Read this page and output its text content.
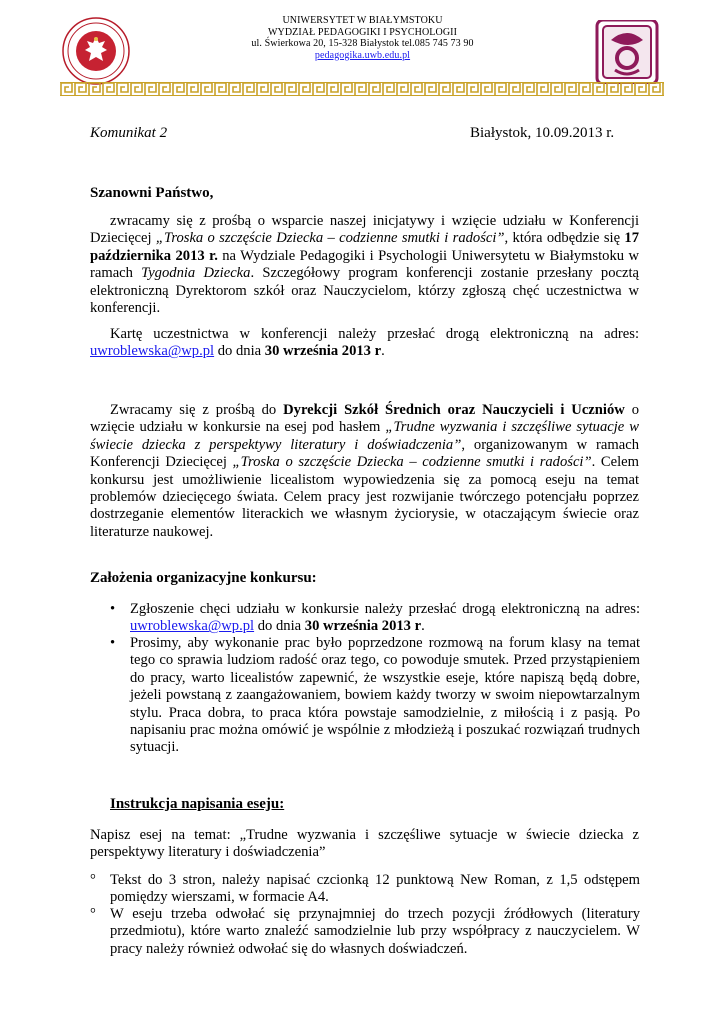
UNIWERSYTET W BIAŁYMSTOKU
WYDZIAŁ PEDAGOGIKI I PSYCHOLOGII
ul. Świerkowa 20, 15-328 Białystok tel.085 745 73 90
pedagogika.uwb.edu.pl
Komunikat 2	Białystok, 10.09.2013 r.
Szanowni Państwo,
zwracamy się z prośbą o wsparcie naszej inicjatywy i wzięcie udziału w Konferencji Dziecięcej „Troska o szczęście Dziecka – codzienne smutki i radości”, która odbędzie się 17 października 2013 r. na Wydziale Pedagogiki i Psychologii Uniwersytetu w Białymstoku w ramach Tygodnia Dziecka. Szczegółowy program konferencji zostanie przesłany pocztą elektroniczną Dyrektorom szkół oraz Nauczycielom, którzy zgłoszą chęć uczestnictwa w konferencji.
Kartę uczestnictwa w konferencji należy przesłać drogą elektroniczną na adres: uwroblewska@wp.pl do dnia 30 września 2013 r.
Zwracamy się z prośbą do Dyrekcji Szkół Średnich oraz Nauczycieli i Uczniów o wzięcie udziału w konkursie na esej pod hasłem „Trudne wyzwania i szczęśliwe sytuacje w świecie dziecka z perspektywy literatury i doświadczenia”, organizowanym w ramach Konferencji Dziecięcej „Troska o szczęście Dziecka – codzienne smutki i radości”. Celem konkursu jest umożliwienie licealistom wypowiedzenia się za pomocą eseju na temat problemów dziecięcego świata. Celem pracy jest rozwijanie twórczego potencjału poprzez dostrzeganie elementów literackich we własnym życiorysie, w otaczającym świecie oraz literaturze naukowej.
Założenia organizacyjne konkursu:
• Zgłoszenie chęci udziału w konkursie należy przesłać drogą elektroniczną na adres: uwroblewska@wp.pl do dnia 30 września 2013 r.
• Prosimy, aby wykonanie prac było poprzedzone rozmową na forum klasy na temat tego co sprawia ludziom radość oraz tego, co powoduje smutek. Przed przystąpieniem do pracy, warto licealistów zapewnić, że wszystkie eseje, które napiszą będą dobre, jeżeli powstaną z zaangażowaniem, bowiem każdy tworzy w swoim niepowtarzalnym stylu. Praca dobra, to praca która powstaje samodzielnie, z miłością i z pasją. Po napisaniu prac można omówić je wspólnie z młodzieżą i poszukać rozwiązań trudnych sytuacji.
Instrukcja napisania eseju:
Napisz esej na temat: „Trudne wyzwania i szczęśliwe sytuacje w świecie dziecka z perspektywy literatury i doświadczenia”
° Tekst do 3 stron, należy napisać czcionką 12 punktową New Roman, z 1,5 odstępem pomiędzy wierszami, w formacie A4.
° W eseju trzeba odwołać się przynajmniej do trzech pozycji źródłowych (literatury przedmiotu), które warto znaleźć samodzielnie lub przy współpracy z nauczycielem. W pracy należy również odwołać się do własnych doświadczeń.
